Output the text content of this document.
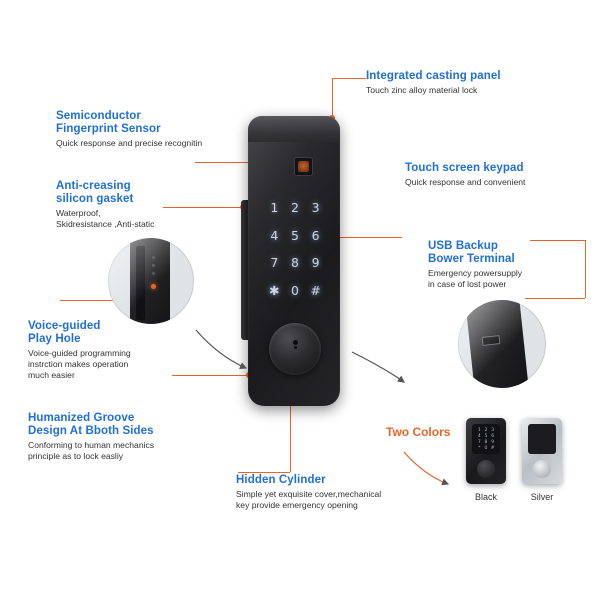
1	2	3
4	5	6
7	8	9
✱ 0 #
Two Colors	1 2 3
4 5 6
7 8 9
* 0 #
Black	Silver
Integrated casting panel
Touch zinc alloy material lock
Semiconductor
Fingerprint Sensor
Quick response and precise recognitin
Anti-creasing
silicon gasket
Waterproof,
Skidresistance ,Anti-static
Touch screen keypad
Quick response and convenient
USB Backup
Bower Terminal
Emergency powersupply
in case of lost power
Voice-guided
Play Hole
Voice-guided programming
instrction makes operation
much easier
Humanized Groove
Design At Bboth Sides
Conforming to human mechanics
principle as to lock easliy
Hidden Cylinder
Simple yet exquisite cover,mechanical
key provide emergency opening
